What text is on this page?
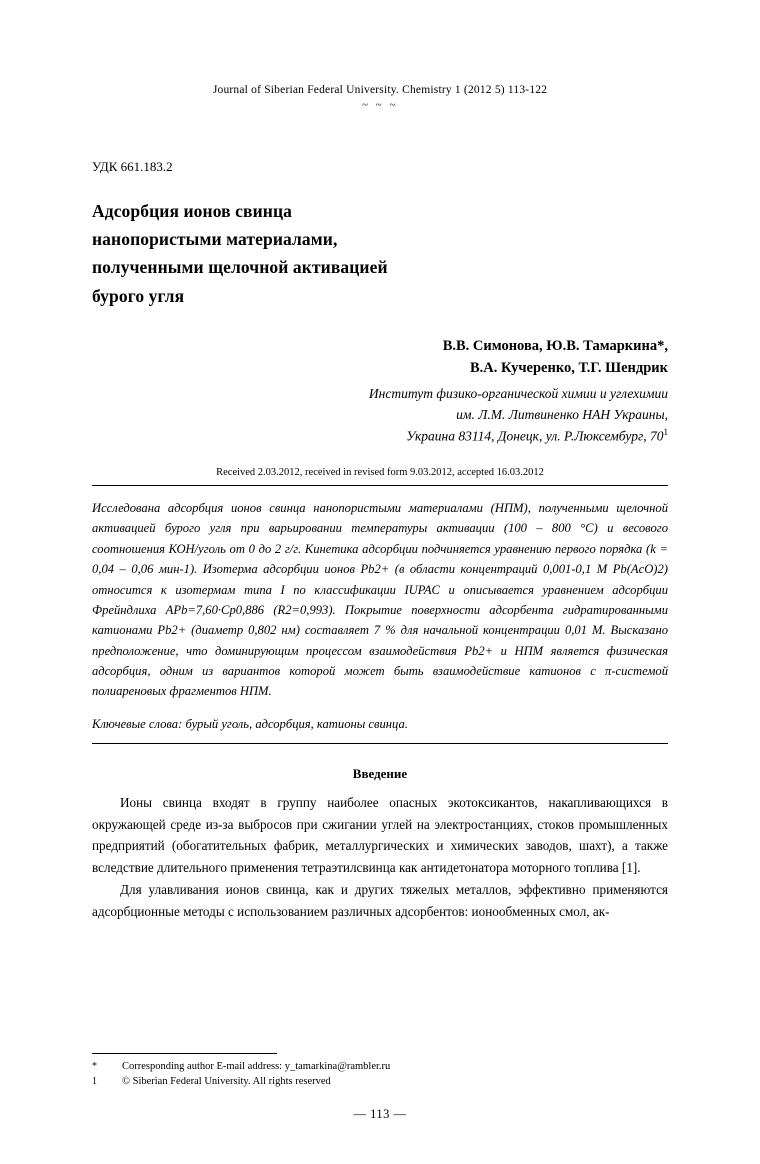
Journal of Siberian Federal University. Chemistry 1 (2012 5) 113-122
~ ~ ~
УДК 661.183.2
Адсорбция ионов свинца
нанопористыми материалами,
полученными щелочной активацией
бурого угля
В.В. Симонова, Ю.В. Тамаркина*,
В.А. Кучеренко, Т.Г. Шендрик
Институт физико-органической химии и углехимии
им. Л.М. Литвиненко НАН Украины,
Украина 83114, Донецк, ул. Р.Люксембург, $70^1$
Received 2.03.2012, received in revised form 9.03.2012, accepted 16.03.2012
Исследована адсорбция ионов свинца нанопористыми материалами (НПМ), полученными щелочной активацией бурого угля при варьировании температуры активации (100 – 800 °С) и весового соотношения КОН/уголь от 0 до 2 г/г. Кинетика адсорбции подчиняется уравнению первого порядка (k = 0,04 – 0,06 мин-1). Изотерма адсорбции ионов Pb2+ (в области концентраций 0,001-0,1 М Pb(AcO)2) относится к изотермам типа I по классификации IUPAC и описывается уравнением адсорбции Фрейндлиха APb=7,60·Cp0,886 (R2=0,993). Покрытие поверхности адсорбента гидратированными катионами Pb2+ (диаметр 0,802 нм) составляет 7 % для начальной концентрации 0,01 М. Высказано предположение, что доминирующим процессом взаимодействия Pb2+ и НПМ является физическая адсорбция, одним из вариантов которой может быть взаимодействие катионов с π-системой полиареновых фрагментов НПМ.
Ключевые слова: бурый уголь, адсорбция, катионы свинца.
Введение

Ионы свинца входят в группу наиболее опасных экотоксикантов, накапливающихся в окружающей среде из-за выбросов при сжигании углей на электростанциях, стоков промышленных предприятий (обогатительных фабрик, металлургических и химических заводов, шахт), а также вследствие длительного применения тетраэтилсвинца как антидетонатора моторного топлива [1].

Для улавливания ионов свинца, как и других тяжелых металлов, эффективно применяются адсорбционные методы с использованием различных адсорбентов: ионообменных смол, ак-

*	Corresponding author E-mail address: y_tamarkina@rambler.ru
1	© Siberian Federal University. All rights reserved
— 113 —
